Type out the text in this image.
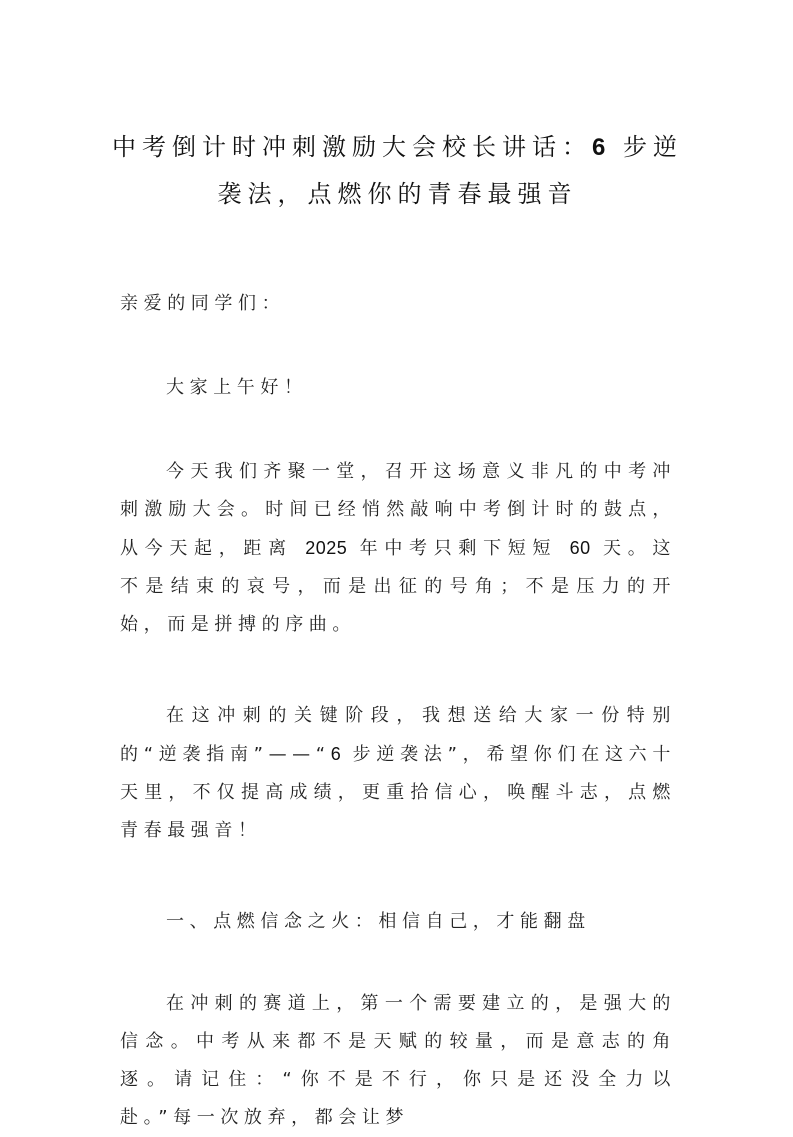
中考倒计时冲刺激励大会校长讲话：6 步逆
袭法，点燃你的青春最强音

亲爱的同学们：

大家上午好！

今天我们齐聚一堂，召开这场意义非凡的中考冲刺激励大会。时间已经悄然敲响中考倒计时的鼓点，从今天起，距离 2025 年中考只剩下短短 60 天。这不是结束的哀号，而是出征的号角；不是压力的开始，而是拼搏的序曲。

在这冲刺的关键阶段，我想送给大家一份特别的“逆袭指南”——“6 步逆袭法”，希望你们在这六十天里，不仅提高成绩，更重拾信心，唤醒斗志，点燃青春最强音！

一、点燃信念之火：相信自己，才能翻盘

在冲刺的赛道上，第一个需要建立的，是强大的信念。中考从来都不是天赋的较量，而是意志的角逐。请记住：“你不是不行，你只是还没全力以赴。”每一次放弃，都会让梦
